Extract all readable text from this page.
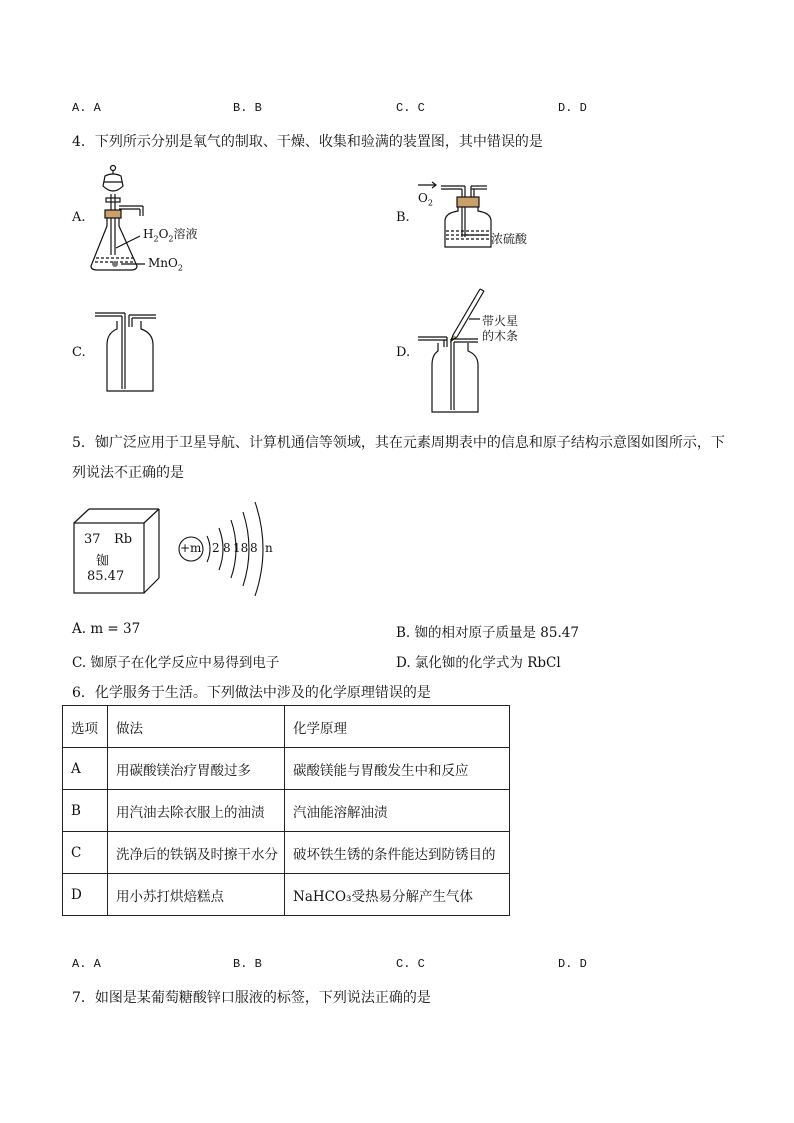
A. A	B. B	C. C	D. D
4．下列所示分别是氧气的制取、干燥、收集和验满的装置图，其中错误的是
A.	B.
C.	D.
$H_2O_2$溶液
MnO$_2$
$O_2$
浓硫酸
带火星
的木条
5．铷广泛应用于卫星导航、计算机通信等领域，其在元素周期表中的信息和原子结构示意图如图所示，下
列说法不正确的是
37 Rb
铷
85.47
+m 2 8 18 8 n
A. m = 37	B. 铷的相对原子质量是 85.47
C. 铷原子在化学反应中易得到电子	D. 氯化铷的化学式为 RbCl
6．化学服务于生活。下列做法中涉及的化学原理错误的是
选项	做法	化学原理
A	用碳酸镁治疗胃酸过多	碳酸镁能与胃酸发生中和反应
B	用汽油去除衣服上的油渍	汽油能溶解油渍
C	洗净后的铁锅及时擦干水分	破坏铁生锈的条件能达到防锈目的
D	用小苏打烘焙糕点	NaHCO₃受热易分解产生气体
A. A	B. B	C. C	D. D
7．如图是某葡萄糖酸锌口服液的标签，下列说法正确的是
